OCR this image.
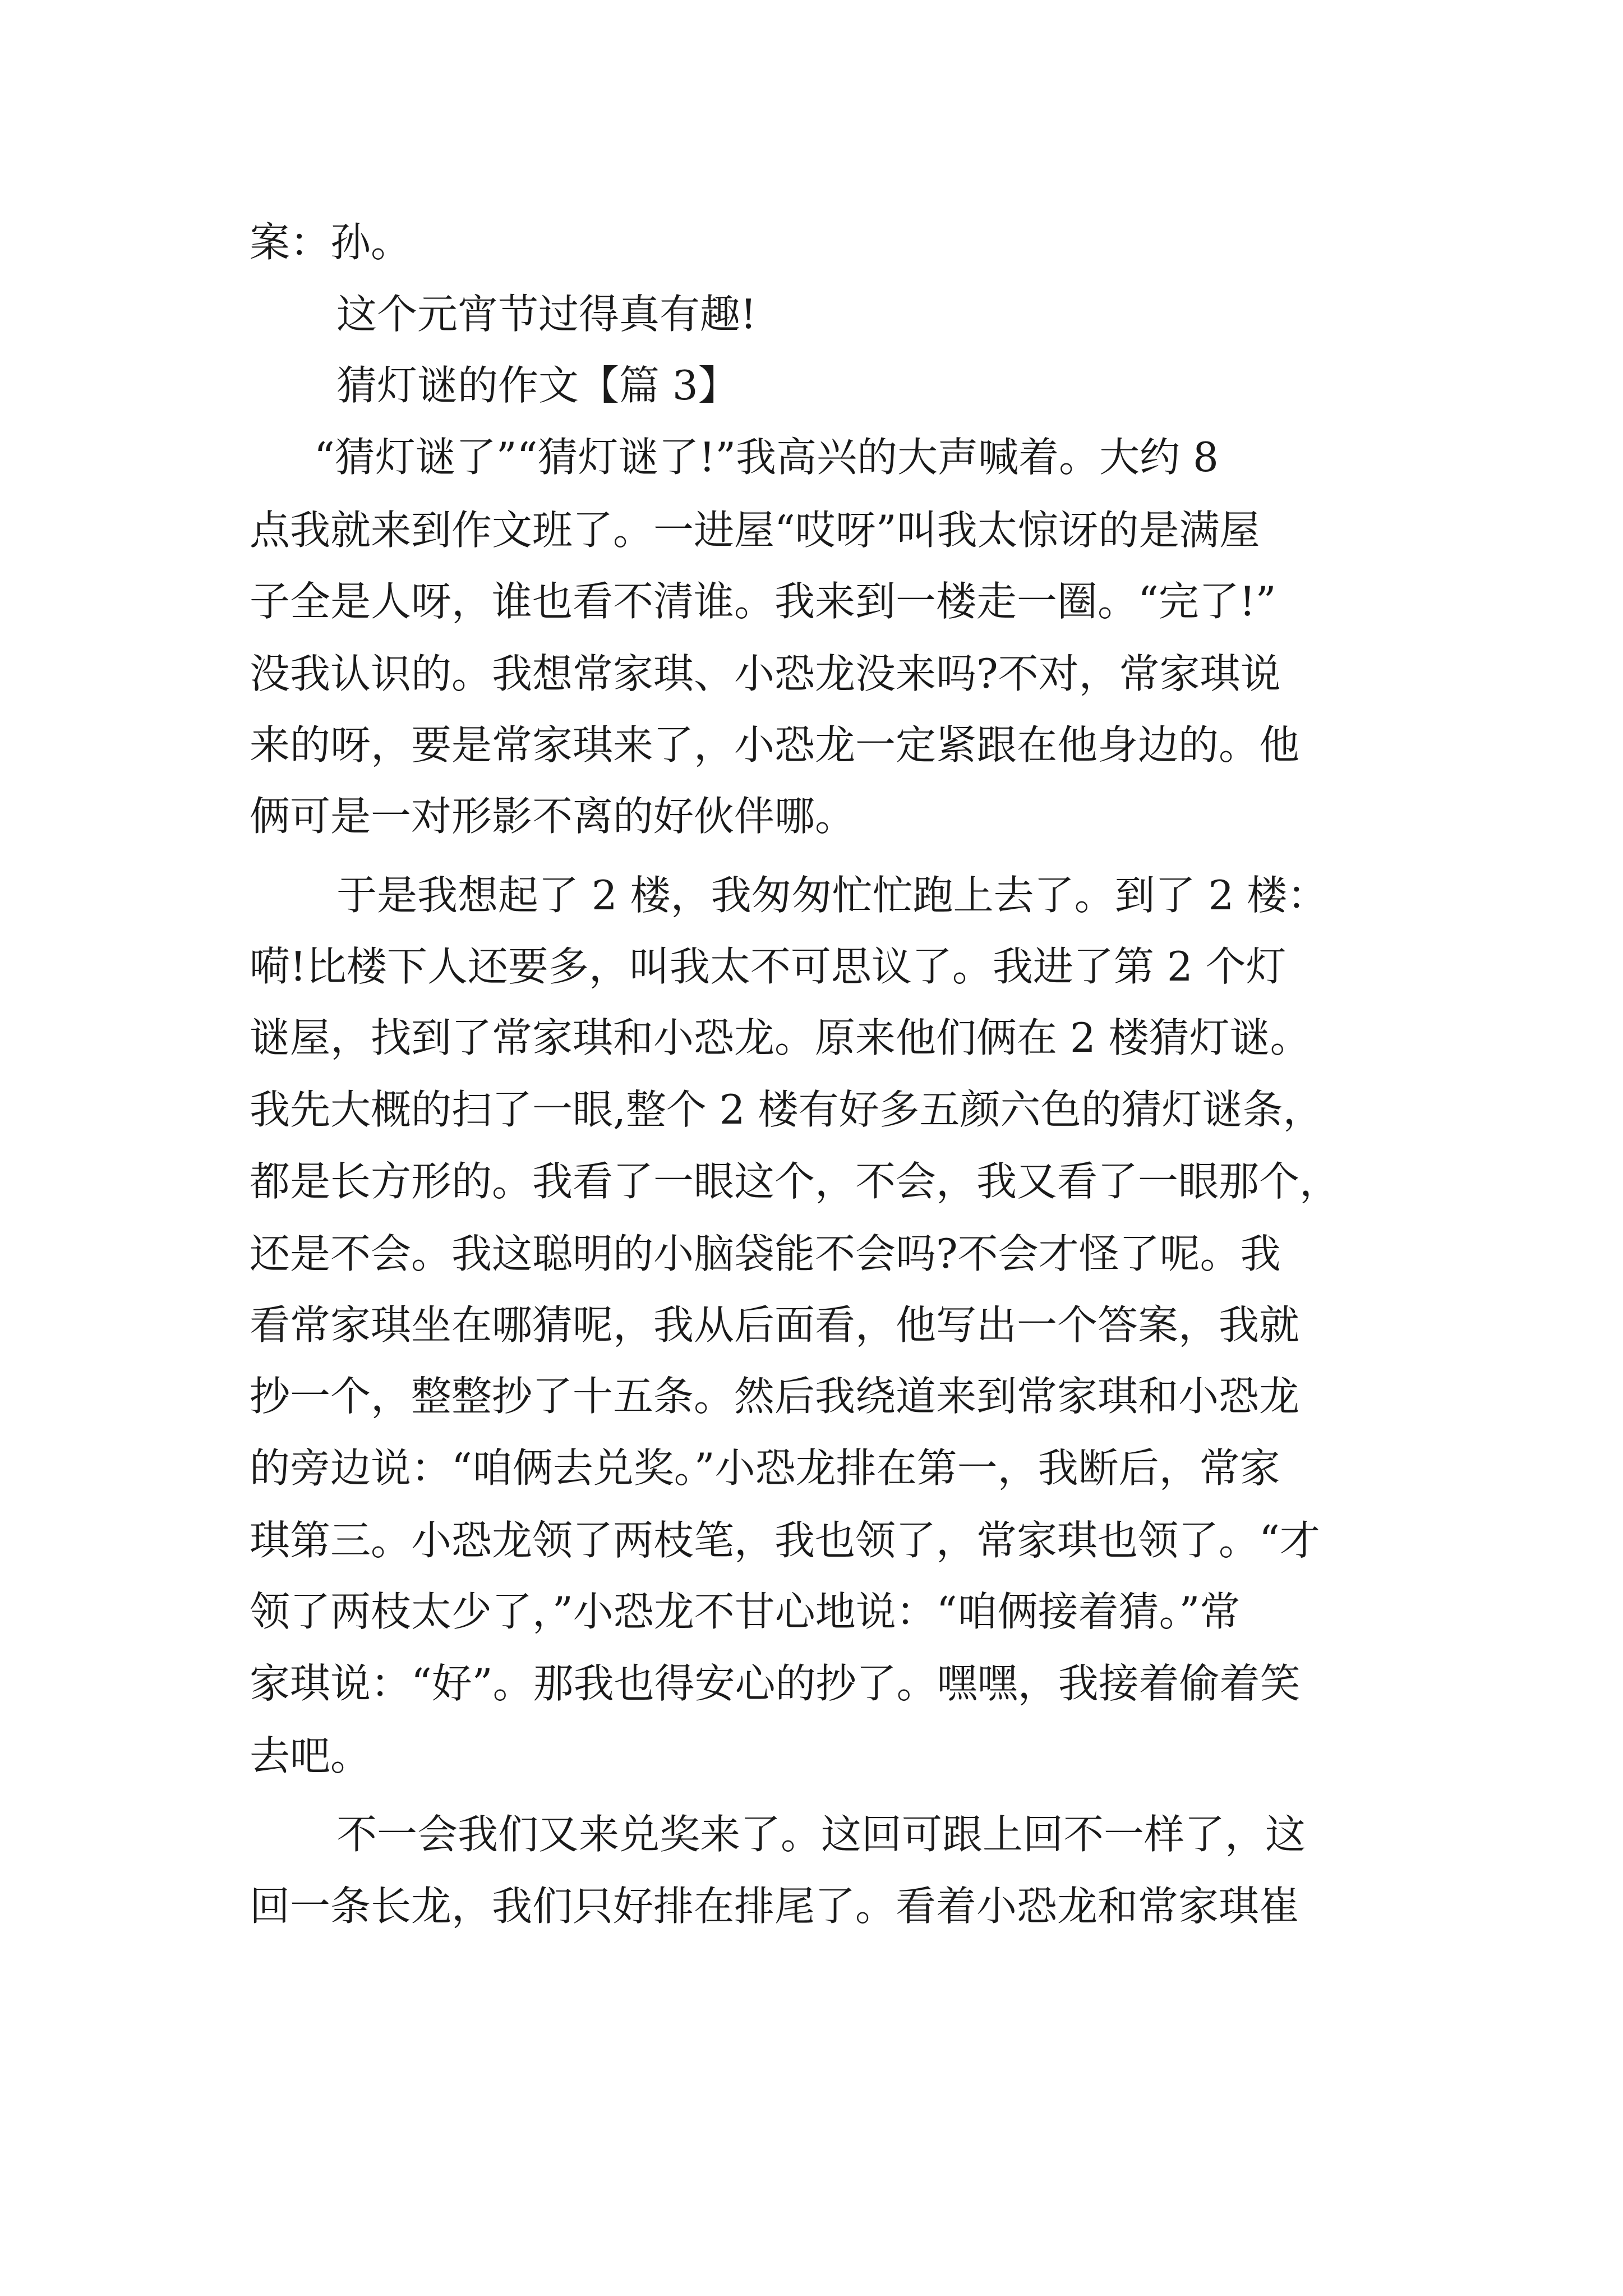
案：孙。
这个元宵节过得真有趣!
猜灯谜的作文【篇 3】
“猜灯谜了”“猜灯谜了!”我高兴的大声喊着。大约 8
点我就来到作文班了。一进屋“哎呀”叫我太惊讶的是满屋
子全是人呀，谁也看不清谁。我来到一楼走一圈。“完了!”
没我认识的。我想常家琪、小恐龙没来吗?不对，常家琪说
来的呀，要是常家琪来了，小恐龙一定紧跟在他身边的。他
俩可是一对形影不离的好伙伴哪。
于是我想起了 2 楼，我匆匆忙忙跑上去了。到了 2 楼：
嗬!比楼下人还要多，叫我太不可思议了。我进了第 2 个灯
谜屋，找到了常家琪和小恐龙。原来他们俩在 2 楼猜灯谜。
我先大概的扫了一眼,整个 2 楼有好多五颜六色的猜灯谜条，
都是长方形的。我看了一眼这个，不会，我又看了一眼那个，
还是不会。我这聪明的小脑袋能不会吗?不会才怪了呢。我
看常家琪坐在哪猜呢，我从后面看，他写出一个答案，我就
抄一个，整整抄了十五条。然后我绕道来到常家琪和小恐龙
的旁边说：“咱俩去兑奖。”小恐龙排在第一，我断后，常家
琪第三。小恐龙领了两枝笔，我也领了，常家琪也领了。“才
领了两枝太少了，”小恐龙不甘心地说：“咱俩接着猜。”常
家琪说：“好”。那我也得安心的抄了。嘿嘿，我接着偷着笑
去吧。
不一会我们又来兑奖来了。这回可跟上回不一样了，这
回一条长龙，我们只好排在排尾了。看着小恐龙和常家琪崔
